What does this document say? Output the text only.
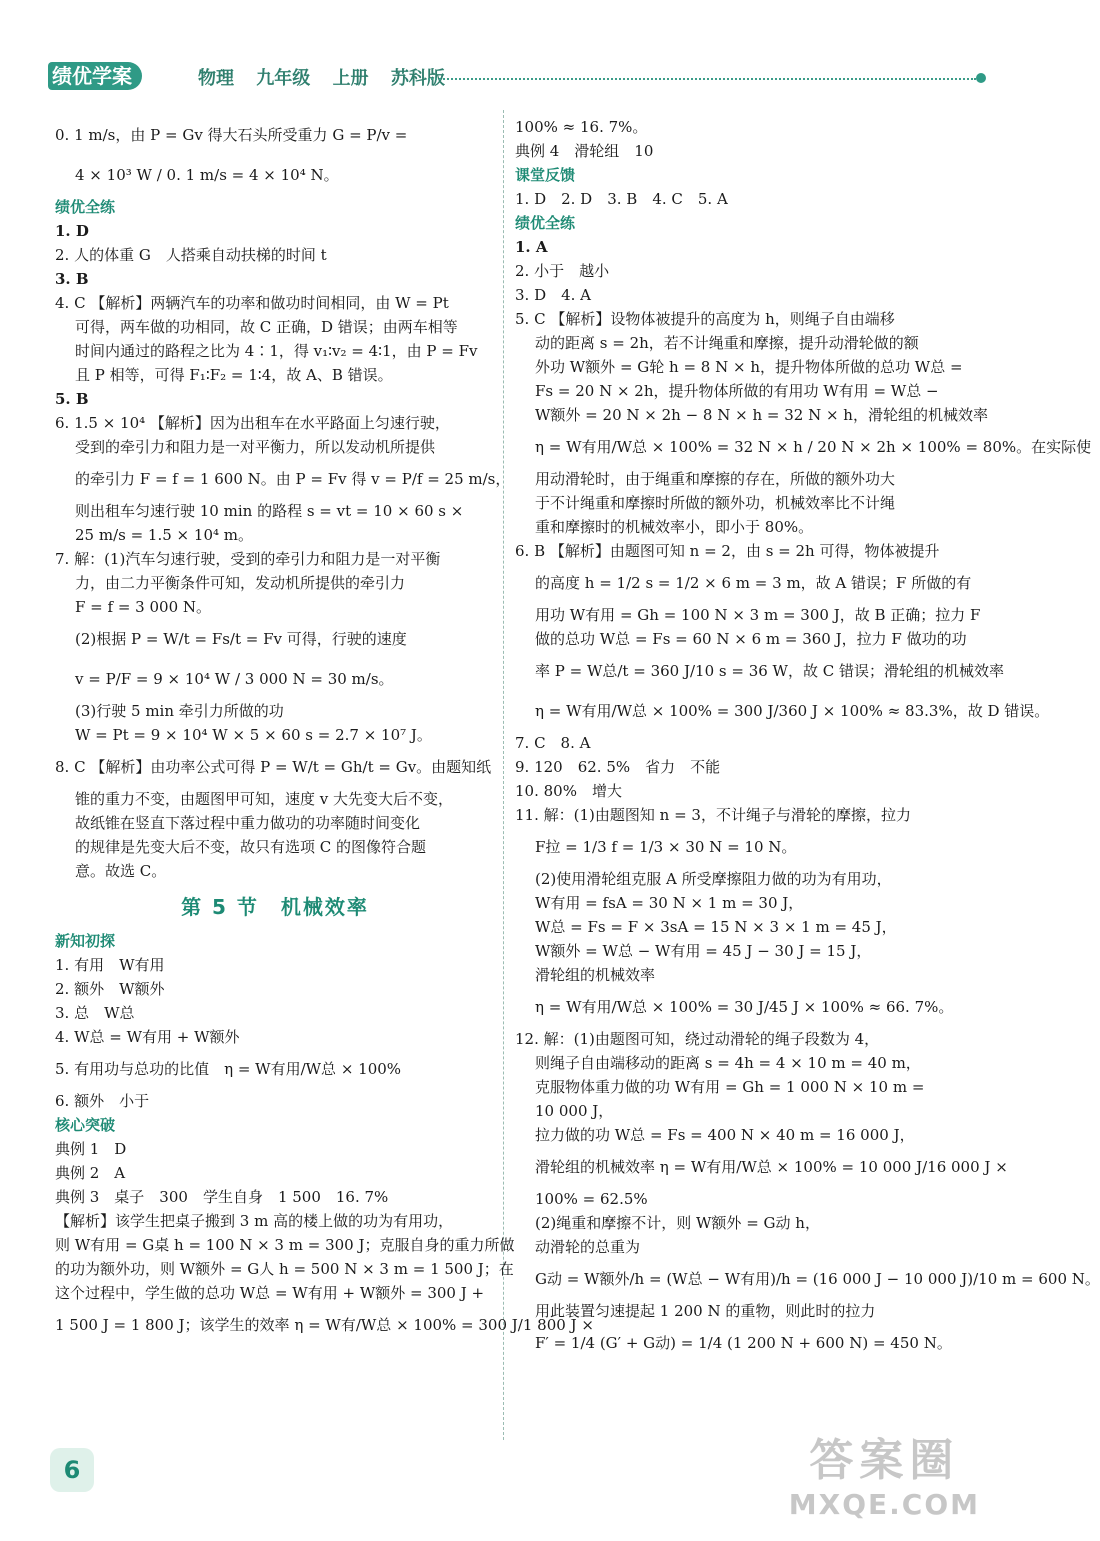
绩优学案	物理 九年级 上册 苏科版
0. 1 m/s，由 P = Gv 得大石头所受重力 G = P/v =
4 × 10³ W / 0. 1 m/s = 4 × 10⁴ N。
绩优全练
1. D
2. 人的体重 G　人搭乘自动扶梯的时间 t
3. B
4. C 【解析】两辆汽车的功率和做功时间相同，由 W = Pt
可得，两车做的功相同，故 C 正确，D 错误；由两车相等
时间内通过的路程之比为 4∶1，得 v₁∶v₂ = 4∶1，由 P = Fv
且 P 相等，可得 F₁∶F₂ = 1∶4，故 A、B 错误。
5. B
6. 1.5 × 10⁴ 【解析】因为出租车在水平路面上匀速行驶，
受到的牵引力和阻力是一对平衡力，所以发动机所提供
的牵引力 F = f = 1 600 N。由 P = Fv 得 v = P/f = 25 m/s，
则出租车匀速行驶 10 min 的路程 s = vt = 10 × 60 s ×
25 m/s = 1.5 × 10⁴ m。
7. 解：(1)汽车匀速行驶，受到的牵引力和阻力是一对平衡
力，由二力平衡条件可知，发动机所提供的牵引力
F = f = 3 000 N。
(2)根据 P = W/t = Fs/t = Fv 可得，行驶的速度
v = P/F = 9 × 10⁴ W / 3 000 N = 30 m/s。
(3)行驶 5 min 牵引力所做的功
W = Pt = 9 × 10⁴ W × 5 × 60 s = 2.7 × 10⁷ J。
8. C 【解析】由功率公式可得 P = W/t = Gh/t = Gv。由题知纸
锥的重力不变，由题图甲可知，速度 v 大先变大后不变，
故纸锥在竖直下落过程中重力做功的功率随时间变化
的规律是先变大后不变，故只有选项 C 的图像符合题
意。故选 C。
第 5 节　机械效率
新知初探
1. 有用　W有用
2. 额外　W额外
3. 总　W总
4. W总 = W有用 + W额外
5. 有用功与总功的比值　η = W有用/W总 × 100%
6. 额外　小于
核心突破
典例 1　D
典例 2　A
典例 3　桌子　300　学生自身　1 500　16. 7%
【解析】该学生把桌子搬到 3 m 高的楼上做的功为有用功，
则 W有用 = G桌 h = 100 N × 3 m = 300 J；克服自身的重力所做
的功为额外功，则 W额外 = G人 h = 500 N × 3 m = 1 500 J；在
这个过程中，学生做的总功 W总 = W有用 + W额外 = 300 J +
1 500 J = 1 800 J；该学生的效率 η = W有/W总 × 100% = 300 J/1 800 J ×
100% ≈ 16. 7%。
典例 4　滑轮组　10
课堂反馈
1. D　2. D　3. B　4. C　5. A
绩优全练
1. A
2. 小于　越小
3. D　4. A
5. C 【解析】设物体被提升的高度为 h，则绳子自由端移
动的距离 s = 2h，若不计绳重和摩擦，提升动滑轮做的额
外功 W额外 = G轮 h = 8 N × h，提升物体所做的总功 W总 =
Fs = 20 N × 2h，提升物体所做的有用功 W有用 = W总 −
W额外 = 20 N × 2h − 8 N × h = 32 N × h，滑轮组的机械效率
η = W有用/W总 × 100% = 32 N × h / 20 N × 2h × 100% = 80%。在实际使
用动滑轮时，由于绳重和摩擦的存在，所做的额外功大
于不计绳重和摩擦时所做的额外功，机械效率比不计绳
重和摩擦时的机械效率小，即小于 80%。
6. B 【解析】由题图可知 n = 2，由 s = 2h 可得，物体被提升
的高度 h = 1/2 s = 1/2 × 6 m = 3 m，故 A 错误；F 所做的有
用功 W有用 = Gh = 100 N × 3 m = 300 J，故 B 正确；拉力 F
做的总功 W总 = Fs = 60 N × 6 m = 360 J，拉力 F 做功的功
率 P = W总/t = 360 J/10 s = 36 W，故 C 错误；滑轮组的机械效率
η = W有用/W总 × 100% = 300 J/360 J × 100% ≈ 83.3%，故 D 错误。
7. C　8. A
9. 120　62. 5%　省力　不能
10. 80%　增大
11. 解：(1)由题图知 n = 3，不计绳子与滑轮的摩擦，拉力
F拉 = 1/3 f = 1/3 × 30 N = 10 N。
(2)使用滑轮组克服 A 所受摩擦阻力做的功为有用功，
W有用 = fsA = 30 N × 1 m = 30 J，
W总 = Fs = F × 3sA = 15 N × 3 × 1 m = 45 J，
W额外 = W总 − W有用 = 45 J − 30 J = 15 J，
滑轮组的机械效率
η = W有用/W总 × 100% = 30 J/45 J × 100% ≈ 66. 7%。
12. 解：(1)由题图可知，绕过动滑轮的绳子段数为 4，
则绳子自由端移动的距离 s = 4h = 4 × 10 m = 40 m，
克服物体重力做的功 W有用 = Gh = 1 000 N × 10 m =
10 000 J，
拉力做的功 W总 = Fs = 400 N × 40 m = 16 000 J，
滑轮组的机械效率 η = W有用/W总 × 100% = 10 000 J/16 000 J ×
100% = 62.5%
(2)绳重和摩擦不计，则 W额外 = G动 h，
动滑轮的总重为
G动 = W额外/h = (W总 − W有用)/h = (16 000 J − 10 000 J)/10 m = 600 N。
用此装置匀速提起 1 200 N 的重物，则此时的拉力
F′ = 1/4 (G′ + G动) = 1/4 (1 200 N + 600 N) = 450 N。
6	答案圈
MXQE.COM
